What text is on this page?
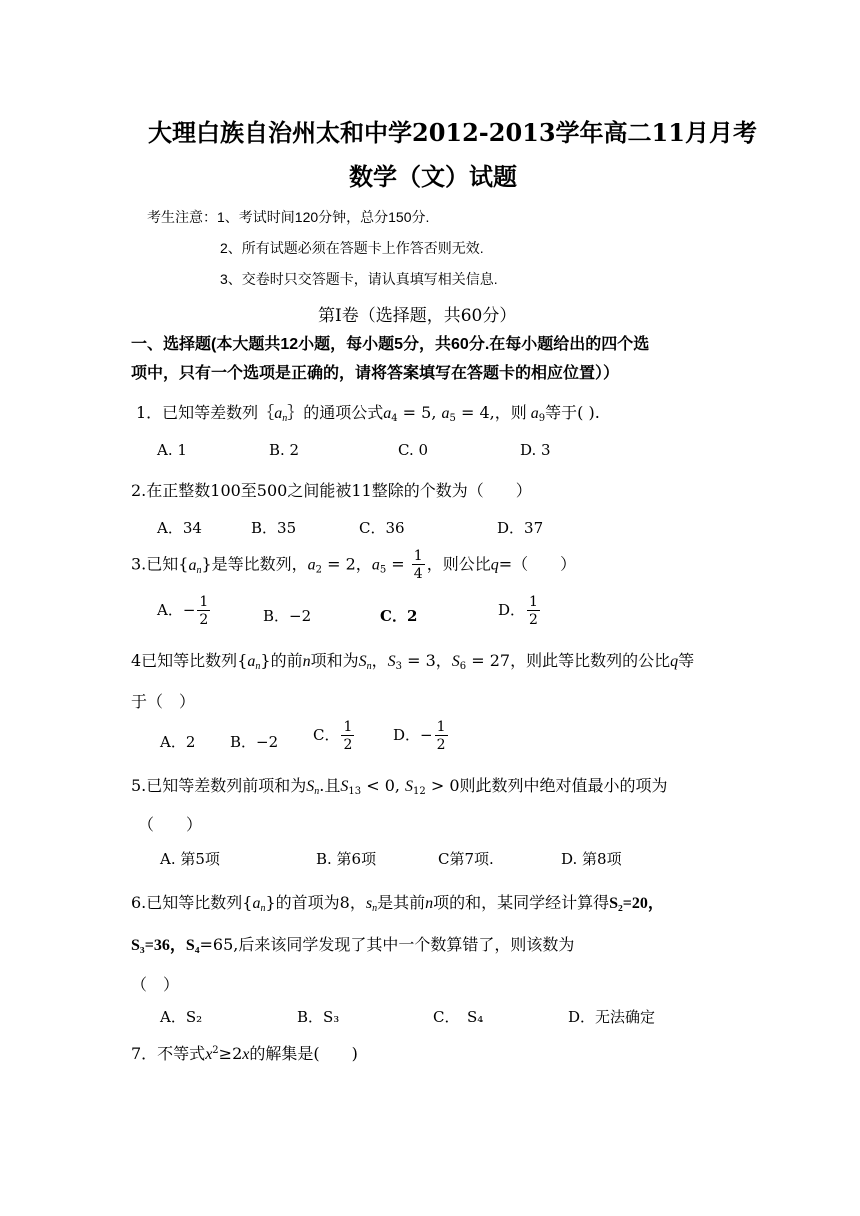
大理白族自治州太和中学2012-2013学年高二11月月考
数学（文）试题
考生注意：1、考试时间120分钟，总分150分.
2、所有试题必须在答题卡上作答否则无效.
3、交卷时只交答题卡，请认真填写相关信息.
第I卷（选择题，共60分）
一、选择题(本大题共12小题，每小题5分，共60分.在每小题给出的四个选
项中，只有一个选项是正确的，请将答案填写在答题卡的相应位置））
1．已知等差数列$\{a_n\}$的通项公式$a_4 = 5$, $a_5 = 4$,，则 $a_9$等于( ).
A. 1	B. 2	C. 0	D. 3
2.在正整数100至500之间能被11整除的个数为（　　）
A．34	B．35	C．36	D．37
3.已知$\{a_n\}$是等比数列，$a_2 = 2$，$a_5 = \frac{1}{4}$ ，则公比q=（　　）
A．− $\frac{1}{2}$	B．−2	C．2	D． $\frac{1}{2}$
4已知等比数列$\{a_n\}$的前n项和为$S_n$，$S_3 = 3$，$S_6 = 27$，则此等比数列的公比q等
于（　）
A．2 B．−2 C． $\frac{1}{2}$	D．− $\frac{1}{2}$
5.已知等差数列前项和为$S_n$.且$S_{13} < 0$, $S_{12} > 0$则此数列中绝对值最小的项为
（　　）
A. 第5项	B. 第6项	C第7项.	D. 第8项
6.已知等比数列$\{a_n\}$的首项为8，$s_n$是其前n项的和，某同学经计算得S₂=20，
S₃=36，S₄=65,后来该同学发现了其中一个数算错了，则该数为
（　）
A．S₂	B．S₃	C．　S₄	D．无法确定
7．不等式$x^2\ge 2x$的解集是(　　)
